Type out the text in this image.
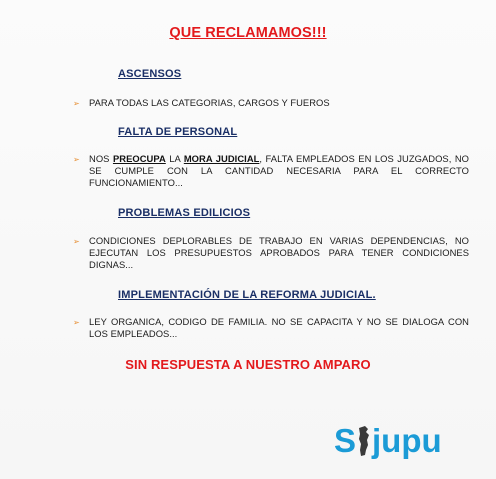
QUE RECLAMAMOS!!!
ASCENSOS
➢ PARA TODAS LAS CATEGORIAS, CARGOS Y FUEROS
FALTA DE PERSONAL
➢ NOS PREOCUPA LA MORA JUDICIAL, FALTA EMPLEADOS EN LOS JUZGADOS, NO SE CUMPLE CON LA CANTIDAD NECESARIA PARA EL CORRECTO FUNCIONAMIENTO...
PROBLEMAS EDILICIOS
➢ CONDICIONES DEPLORABLES DE TRABAJO EN VARIAS DEPENDENCIAS, NO EJECUTAN LOS PRESUPUESTOS APROBADOS PARA TENER CONDICIONES DIGNAS...
IMPLEMENTACIÓN DE LA REFORMA JUDICIAL.
➢ LEY ORGANICA, CODIGO DE FAMILIA. NO SE CAPACITA Y NO SE DIALOGA CON LOS EMPLEADOS...
SIN RESPUESTA A NUESTRO AMPARO
S jupu
